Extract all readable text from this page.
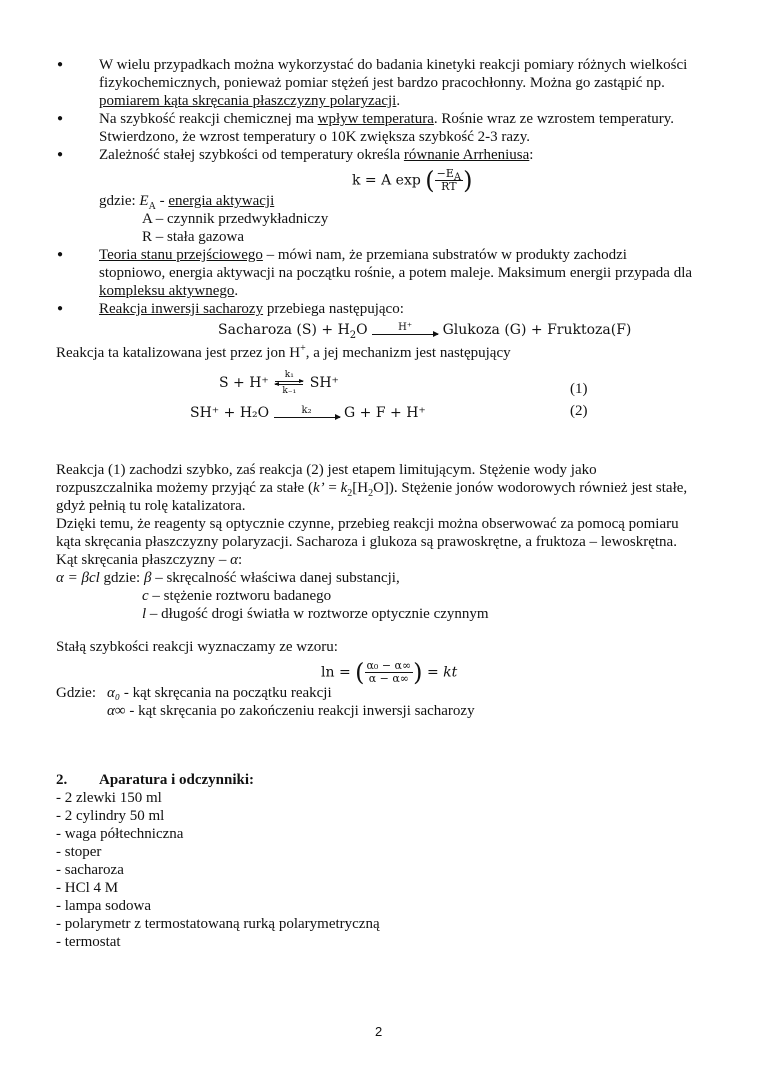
● W wielu przypadkach można wykorzystać do badania kinetyki reakcji pomiary różnych wielkości
fizykochemicznych, ponieważ pomiar stężeń jest bardzo pracochłonny. Można go zastąpić np.
pomiarem kąta skręcania płaszczyzny polaryzacji.
● Na szybkość reakcji chemicznej ma wpływ temperatura. Rośnie wraz ze wzrostem temperatury.
Stwierdzono, że wzrost temperatury o 10K zwiększa szybkość 2-3 razy.
● Zależność stałej szybkości od temperatury określa równanie Arrheniusa:
k = A exp ( $\frac{-E_A}{RT}$ )
gdzie: $E_A$ - energia aktywacji
A – czynnik przedwykładniczy
R – stała gazowa
● Teoria stanu przejściowego – mówi nam, że przemiana substratów w produkty zachodzi
stopniowo, energia aktywacji na początku rośnie, a potem maleje. Maksimum energii przypada dla
kompleksu aktywnego.
● Reakcja inwersji sacharozy przebiega następująco:
Sacharoza $(S) + H_2O$	H⁺ Glukoza (G) + Fruktoza(F)
Reakcja ta katalizowana jest przez jon H+, a jej mechanizm jest następujący
$S + H^+ \frac{\text{k₁}}{\text{k₋₁}} SH^+$
SH⁺ + H₂O	k₂ G + F + H⁺
(1)
(2)
Reakcja (1) zachodzi szybko, zaś reakcja (2) jest etapem limitującym. Stężenie wody jako
rozpuszczalnika możemy przyjąć za stałe (k’ = $k_2[H_2O]$). Stężenie jonów wodorowych również jest stałe,
gdyż pełnią tu rolę katalizatora.
Dzięki temu, że reagenty są optycznie czynne, przebieg reakcji można obserwować za pomocą pomiaru
kąta skręcania płaszczyzny polaryzacji. Sacharoza i glukoza są prawoskrętne, a fruktoza – lewoskrętna.
Kąt skręcania płaszczyzny – α:
α = βcl gdzie: β – skręcalność właściwa danej substancji,
c – stężenie roztworu badanego
l – długość drogi światła w roztworze optycznie czynnym
Stałą szybkości reakcji wyznaczamy ze wzoru:
ln = ( $\frac{\text{α₀ − α∞}}{\alpha - \alpha\infty}$ ) = kt
Gdzie: α₀ - kąt skręcania na początku reakcji
α∞ - kąt skręcania po zakończeniu reakcji inwersji sacharozy
2. Aparatura i odczynniki:
- 2 zlewki 150 ml
- 2 cylindry 50 ml
- waga półtechniczna
- stoper
- sacharoza
- HCl 4 M
- lampa sodowa
- polarymetr z termostatowaną rurką polarymetryczną
- termostat
2
